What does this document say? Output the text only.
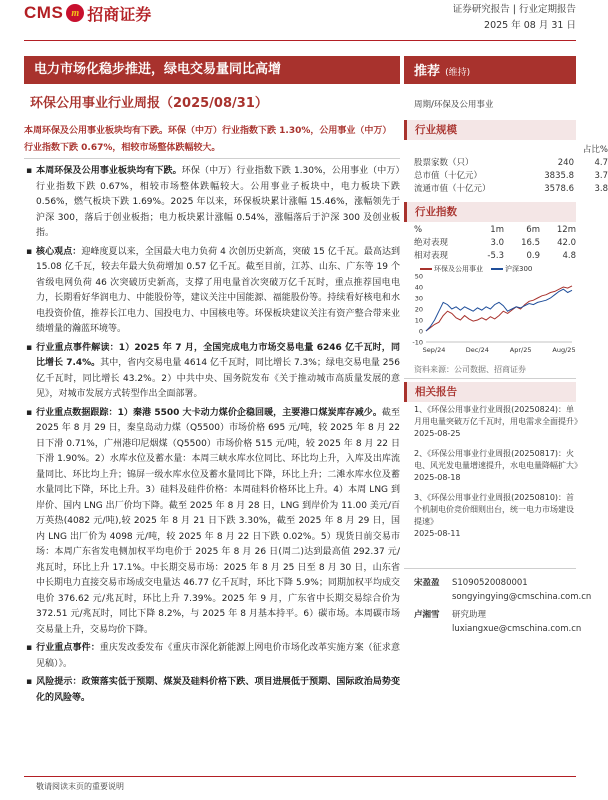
CMS m 招商证券	证券研究报告 | 行业定期报告
2025 年 08 月 31 日
电力市场化稳步推进，绿电交易量同比高增	推荐 (维持)
环保公用事业行业周报（2025/08/31）	周期/环保及公用事业
本周环保及公用事业板块均有下跌。环保（中万）行业指数下跌 1.30%，公用事业（中万）行业指数下跌 0.67%，相较市场整体跌幅较大。
▪ 本周环保及公用事业板块均有下跌。环保（中万）行业指数下跌 1.30%，公用事业（中万）行业指数下跌 0.67%，相较市场整体跌幅较大。公用事业子板块中，电力板块下跌 0.56%，燃气板块下跌 1.69%。2025 年以来，环保板块累计涨幅 15.46%，涨幅领先于沪深 300，落后于创业板指；电力板块累计涨幅 0.54%，涨幅落后于沪深 300 及创业板指。
▪ 核心观点：迎峰度夏以来，全国最大电力负荷 4 次创历史新高，突破 15 亿千瓦。最高达到 15.08 亿千瓦，较去年最大负荷增加 0.57 亿千瓦。截至目前，江苏、山东、广东等 19 个省级电网负荷 46 次突破历史新高，支撑了用电量首次突破万亿千瓦时，重点推荐国电电力，长期看好华润电力、中能股份等，建议关注中国能源、福能股份等。持续看好核电和水电投资价值，推荐长江电力、国投电力、中国核电等。环保板块建议关注有资产整合带来业绩增量的瀚蓝环境等。
▪ 行业重点事件解读：1）2025 年 7 月，全国完成电力市场交易电量 6246 亿千瓦时，同比增长 7.4%。其中，省内交易电量 4614 亿千瓦时，同比增长 7.3%；绿电交易电量 256 亿千瓦时，同比增长 43.2%。2）中共中央、国务院发布《关于推动城市高质量发展的意见》，对城市发展方式转型作出全面部署。
▪ 行业重点数据跟踪：1）秦港 5500 大卡动力煤价企稳回暖，主要港口煤炭库存减少。截至 2025 年 8 月 29 日，秦皇岛动力煤（Q5500）市场价格 695 元/吨，较 2025 年 8 月 22 日下滑 0.71%，广州港印尼烟煤（Q5500）市场价格 515 元/吨，较 2025 年 8 月 22 日下滑 1.90%。2）水库水位及蓄水量：本周三峡水库水位同比、环比均上升，入库及出库流量同比、环比均上升；锦屏一级水库水位及蓄水量同比下降，环比上升；二滩水库水位及蓄水量同比下降，环比上升。3）硅料及硅件价格：本周硅料价格环比上升。4）本周 LNG 到岸价、国内 LNG 出厂价均下降。截至 2025 年 8 月 28 日，LNG 到岸价为 11.00 美元/百万英热(4082 元/吨),较 2025 年 8 月 21 日下跌 3.30%，截至 2025 年 8 月 29 日，国内 LNG 出厂价为 4098 元/吨，较 2025 年 8 月 22 日下跌 0.02%。5）现货日前交易市场：本周广东省发电侧加权平均电价于 2025 年 8 月 26 日(周二)达到最高值 292.37 元/兆瓦时，环比上升 17.1%。中长期交易市场：2025 年 8 月 25 日至 8 月 30 日，山东省中长期电力直接交易市场成交电量达 46.77 亿千瓦时，环比下降 5.9%；同期加权平均成交电价 376.62 元/兆瓦时，环比上升 7.39%。2025 年 9 月，广东省中长期交易综合价为 372.51 元/兆瓦时，同比下降 8.2%，与 2025 年 8 月基本持平。6）碳市场。本周碳市场交易量上升，交易均价下降。
▪ 行业重点事件：重庆发改委发布《重庆市深化新能源上网电价市场化改革实施方案（征求意见稿）》。
▪ 风险提示：政策落实低于预期、煤炭及硅料价格下跌、项目进展低于预期、国际政治局势变化的风险等。
行业规模
占比%
股票家数（只）	240	4.7
总市值（十亿元）	3835.8	3.7
流通市值（十亿元）	3578.6	3.8
行业指数
%	1m	6m	12m
绝对表现	3.0	16.5	42.0
相对表现	-5.3	0.9	4.8
环保及公用事业	沪深300
50
40
30
20
10
0
-10
Sep/24	Dec/24	Apr/25	Aug/25
资料来源：公司数据、招商证券
相关报告
1、《环保公用事业行业周报(20250824)：单月用电量突破万亿千瓦时，用电需求全面提升》
2025-08-25
2、《环保公用事业行业周报(20250817)：火电、风光发电量增速提升，水电电量降幅扩大》
2025-08-18
3、《环保公用事业行业周报(20250810)：首个机制电价竞价细则出台，统一电力市场建设提速》
2025-08-11
宋盈盈 S1090520080001
songyingying@cmschina.com.cn
卢湘雪 研究助理
luxiangxue@cmschina.com.cn
敬请阅读末页的重要说明
